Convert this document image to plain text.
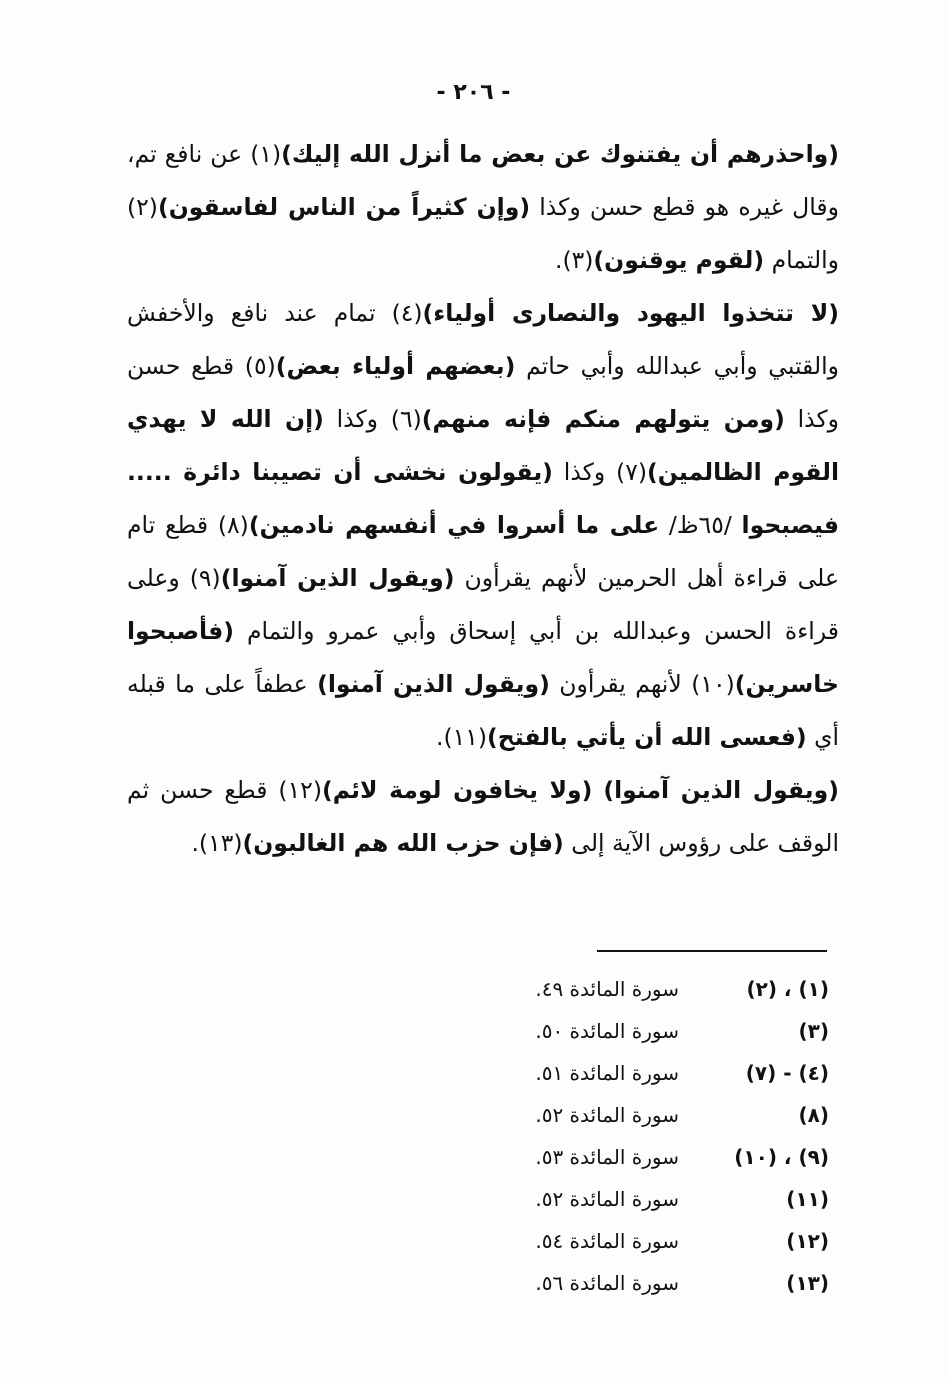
- ٢٠٦ -

(واحذرهم أن يفتنوك عن بعض ما أنزل الله إليك)(١) عن نافع تم، وقال غيره هو قطع حسن وكذا (وإن كثيراً من الناس لفاسقون)(٢) والتمام (لقوم يوقنون)(٣).

(لا تتخذوا اليهود والنصارى أولياء)(٤) تمام عند نافع والأخفش والقتبي وأبي عبدالله وأبي حاتم (بعضهم أولياء بعض)(٥) قطع حسن وكذا (ومن يتولهم منكم فإنه منهم)(٦) وكذا (إن الله لا يهدي القوم الظالمين)(٧) وكذا (يقولون نخشى أن تصيبنا دائرة ..... فيصبحوا /٦٥ظ/ على ما أسروا في أنفسهم نادمين)(٨) قطع تام على قراءة أهل الحرمين لأنهم يقرأون (ويقول الذين آمنوا)(٩) وعلى قراءة الحسن وعبدالله بن أبي إسحاق وأبي عمرو والتمام (فأصبحوا خاسرين)(١٠) لأنهم يقرأون (ويقول الذين آمنوا) عطفاً على ما قبله أي (فعسى الله أن يأتي بالفتح)(١١).

(ويقول الذين آمنوا) (ولا يخافون لومة لائم)(١٢) قطع حسن ثم الوقف على رؤوس الآية إلى (فإن حزب الله هم الغالبون)(١٣).

(١) ، (٢)
سورة المائدة ٤٩.
(٣)
سورة المائدة ٥٠.
(٤) - (٧)
سورة المائدة ٥١.
(٨)
سورة المائدة ٥٢.
(٩) ، (١٠)
سورة المائدة ٥٣.
(١١)
سورة المائدة ٥٢.
(١٢)
سورة المائدة ٥٤.
(١٣)
سورة المائدة ٥٦.
